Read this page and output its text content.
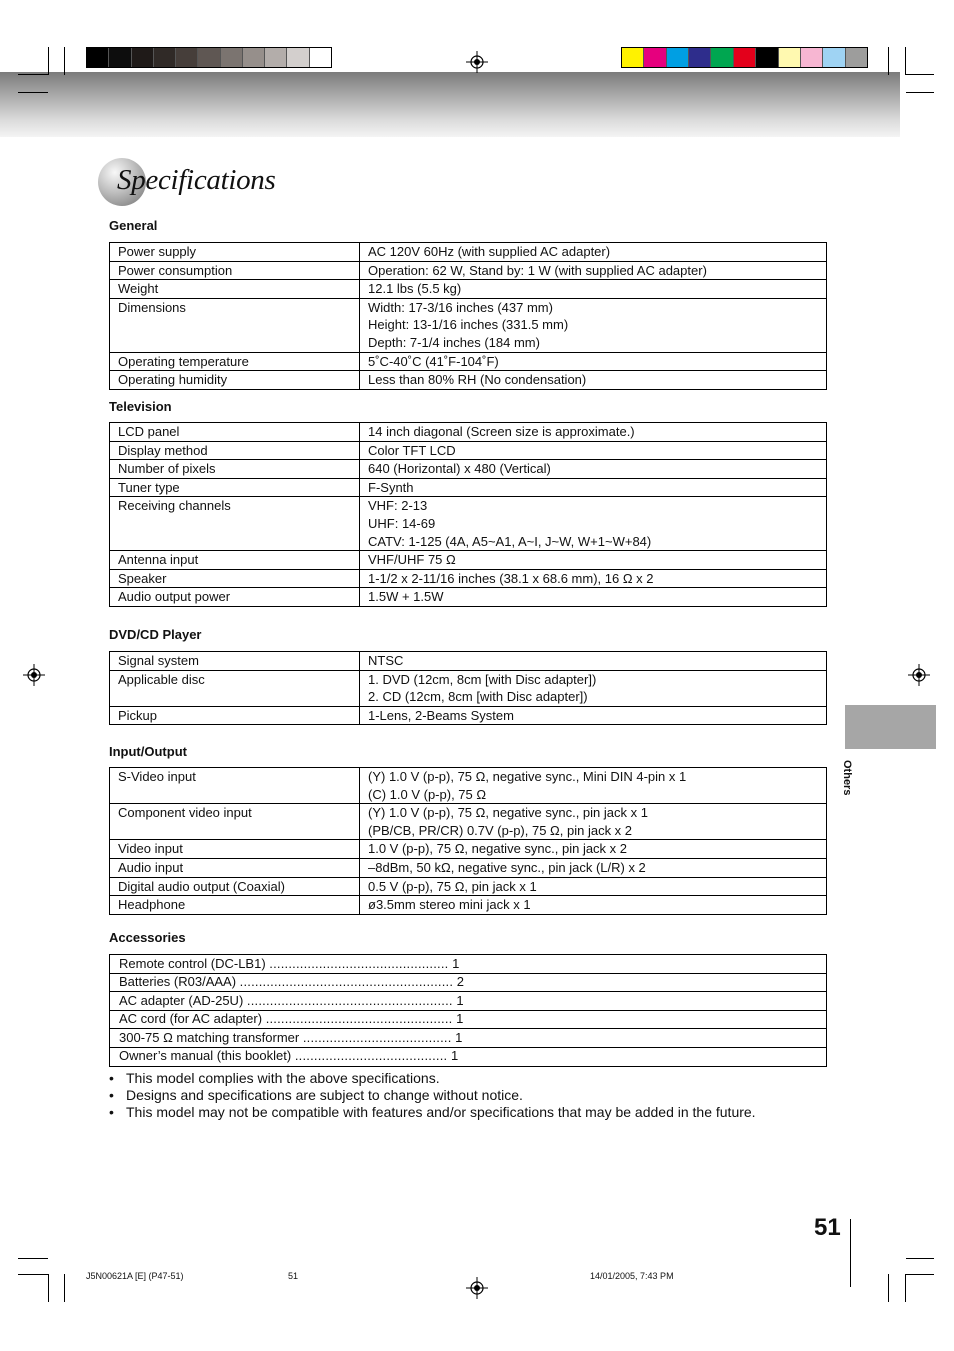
Specifications
General
Power supply	AC 120V 60Hz (with supplied AC adapter)

Power consumption	Operation: 62 W, Stand by: 1 W (with supplied AC adapter)

Weight	12.1 lbs (5.5 kg)

Dimensions	Width: 17-3/16 inches (437 mm)
Height: 13-1/16 inches (331.5 mm)
Depth: 7-1/4 inches (184 mm)

Operating temperature	5˚C-40˚C (41˚F-104˚F)

Operating humidity	Less than 80% RH (No condensation)
Television
LCD panel	14 inch diagonal (Screen size is approximate.)

Display method	Color TFT LCD

Number of pixels	640 (Horizontal) x 480 (Vertical)

Tuner type	F-Synth

Receiving channels	VHF: 2-13
UHF: 14-69
CATV: 1-125 (4A, A5~A1, A~I, J~W, W+1~W+84)

Antenna input	VHF/UHF 75 Ω

Speaker	1-1/2 x 2-11/16 inches (38.1 x 68.6 mm), 16 Ω x 2

Audio output power	1.5W + 1.5W
DVD/CD Player
Signal system	NTSC

Applicable disc	1. DVD (12cm, 8cm [with Disc adapter])
2. CD (12cm, 8cm [with Disc adapter])

Pickup	1-Lens, 2-Beams System
Input/Output
S-Video input	(Y) 1.0 V (p-p), 75 Ω, negative sync., Mini DIN 4-pin x 1
(C) 1.0 V (p-p), 75 Ω

Component video input	(Y) 1.0 V (p-p), 75 Ω, negative sync., pin jack x 1
(PB/CB, PR/CR) 0.7V (p-p), 75 Ω, pin jack x 2

Video input	1.0 V (p-p), 75 Ω, negative sync., pin jack x 2

Audio input	–8dBm, 50 kΩ, negative sync., pin jack (L/R) x 2

Digital audio output (Coaxial)	0.5 V (p-p), 75 Ω, pin jack x 1

Headphone	ø3.5mm stereo mini jack x 1
Accessories
Remote control (DC-LB1) ............................................... 1
Batteries (R03/AAA) ........................................................ 2
AC adapter (AD-25U) ...................................................... 1
AC cord (for AC adapter) ................................................. 1
300-75 Ω matching transformer ....................................... 1
Owner’s manual (this booklet) ........................................ 1
• This model complies with the above specifications.
• Designs and specifications are subject to change without notice.
• This model may not be compatible with features and/or specifications that may be added in the future.
Others
51
J5N00621A [E] (P47-51)	51	14/01/2005, 7:43 PM
